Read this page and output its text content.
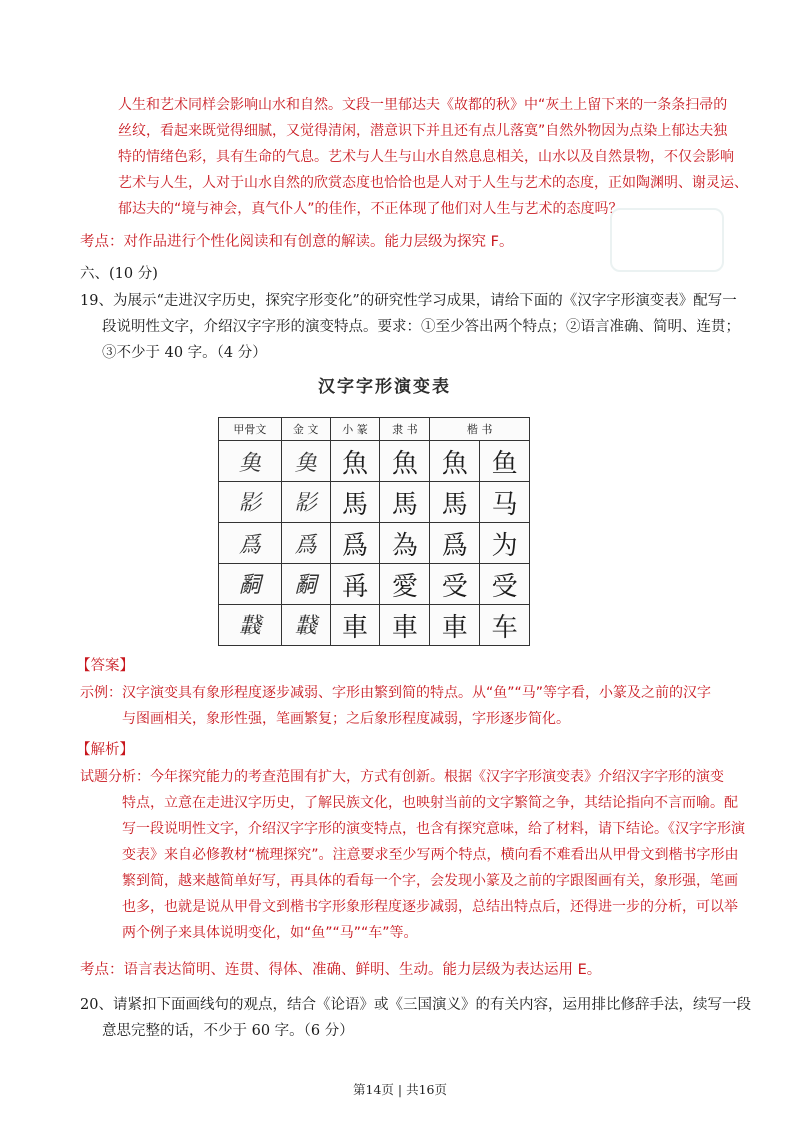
人生和艺术同样会影响山水和自然。文段一里郁达夫《故都的秋》中“灰土上留下来的一条条扫帚的
丝纹，看起来既觉得细腻，又觉得清闲，潜意识下并且还有点儿落寞”自然外物因为点染上郁达夫独
特的情绪色彩，具有生命的气息。艺术与人生与山水自然息息相关，山水以及自然景物，不仅会影响
艺术与人生，人对于山水自然的欣赏态度也恰恰也是人对于人生与艺术的态度，正如陶渊明、谢灵运、
郁达夫的“境与神会，真气仆人”的佳作，不正体现了他们对人生与艺术的态度吗？
考点：对作品进行个性化阅读和有创意的解读。能力层级为探究 F。
六、(10 分)
19、为展示“走进汉字历史，探究字形变化”的研究性学习成果，请给下面的《汉字字形演变表》配写一
段说明性文字，介绍汉字字形的演变特点。要求：①至少答出两个特点；②语言准确、简明、连贯；
③不少于 40 字。（4 分）
汉字字形演变表
甲骨文	金 文	小 篆	隶 书	楷 书	
𩵋	𩵋	魚	魚	魚	鱼
𢒠	𢒠	馬	馬	馬	马
爲	爲	爲	為	爲	为
𤔲	𤔲	爯	愛	受	受
𨏖	𨏖	車	車	車	车
【答案】
示例：汉字演变具有象形程度逐步减弱、字形由繁到简的特点。从“鱼”“马”等字看，小篆及之前的汉字
与图画相关，象形性强，笔画繁复；之后象形程度减弱，字形逐步简化。
【解析】
试题分析：今年探究能力的考查范围有扩大，方式有创新。根据《汉字字形演变表》介绍汉字字形的演变
特点，立意在走进汉字历史，了解民族文化，也映射当前的文字繁简之争，其结论指向不言而喻。配
写一段说明性文字，介绍汉字字形的演变特点，也含有探究意味，给了材料，请下结论。《汉字字形演
变表》来自必修教材“梳理探究”。注意要求至少写两个特点，横向看不难看出从甲骨文到楷书字形由
繁到简，越来越简单好写，再具体的看每一个字，会发现小篆及之前的字跟图画有关，象形强，笔画
也多，也就是说从甲骨文到楷书字形象形程度逐步减弱，总结出特点后，还得进一步的分析，可以举
两个例子来具体说明变化，如“鱼”“马”“车”等。
考点：语言表达简明、连贯、得体、准确、鲜明、生动。能力层级为表达运用 E。
20、请紧扣下面画线句的观点，结合《论语》或《三国演义》的有关内容，运用排比修辞手法，续写一段
意思完整的话，不少于 60 字。（6 分）
第14页 | 共16页
